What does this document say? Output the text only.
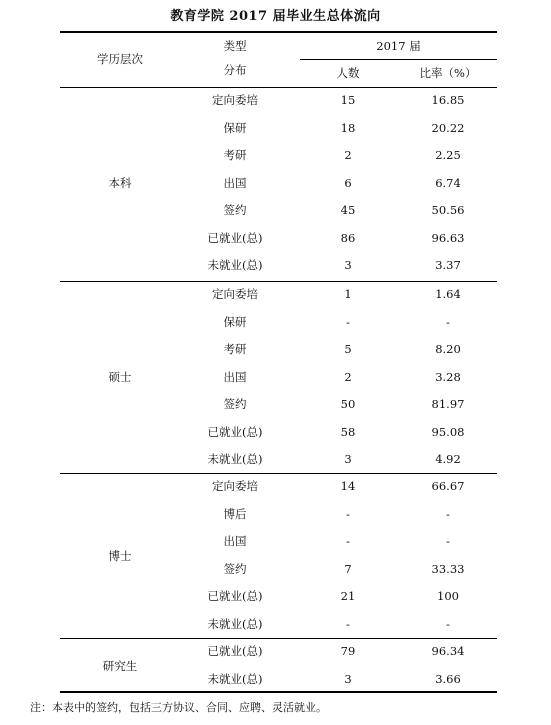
教育学院 2017 届毕业生总体流向
学历层次
类型
分布
2017 届
人数	比率（%）
本科
定向委培	15	16.85
保研	18	20.22
考研	2	2.25
出国	6	6.74
签约	45	50.56
已就业(总)	86	96.63
未就业(总)	3	3.37
硕士
定向委培	1	1.64
保研	-	-
考研	5	8.20
出国	2	3.28
签约	50	81.97
已就业(总)	58	95.08
未就业(总)	3	4.92
博士
定向委培	14	66.67
博后	-	-
出国	-	-
签约	7	33.33
已就业(总)	21	100
未就业(总)	-	-
研究生
已就业(总)	79	96.34
未就业(总)	3	3.66
注：本表中的签约，包括三方协议、合同、应聘、灵活就业。
